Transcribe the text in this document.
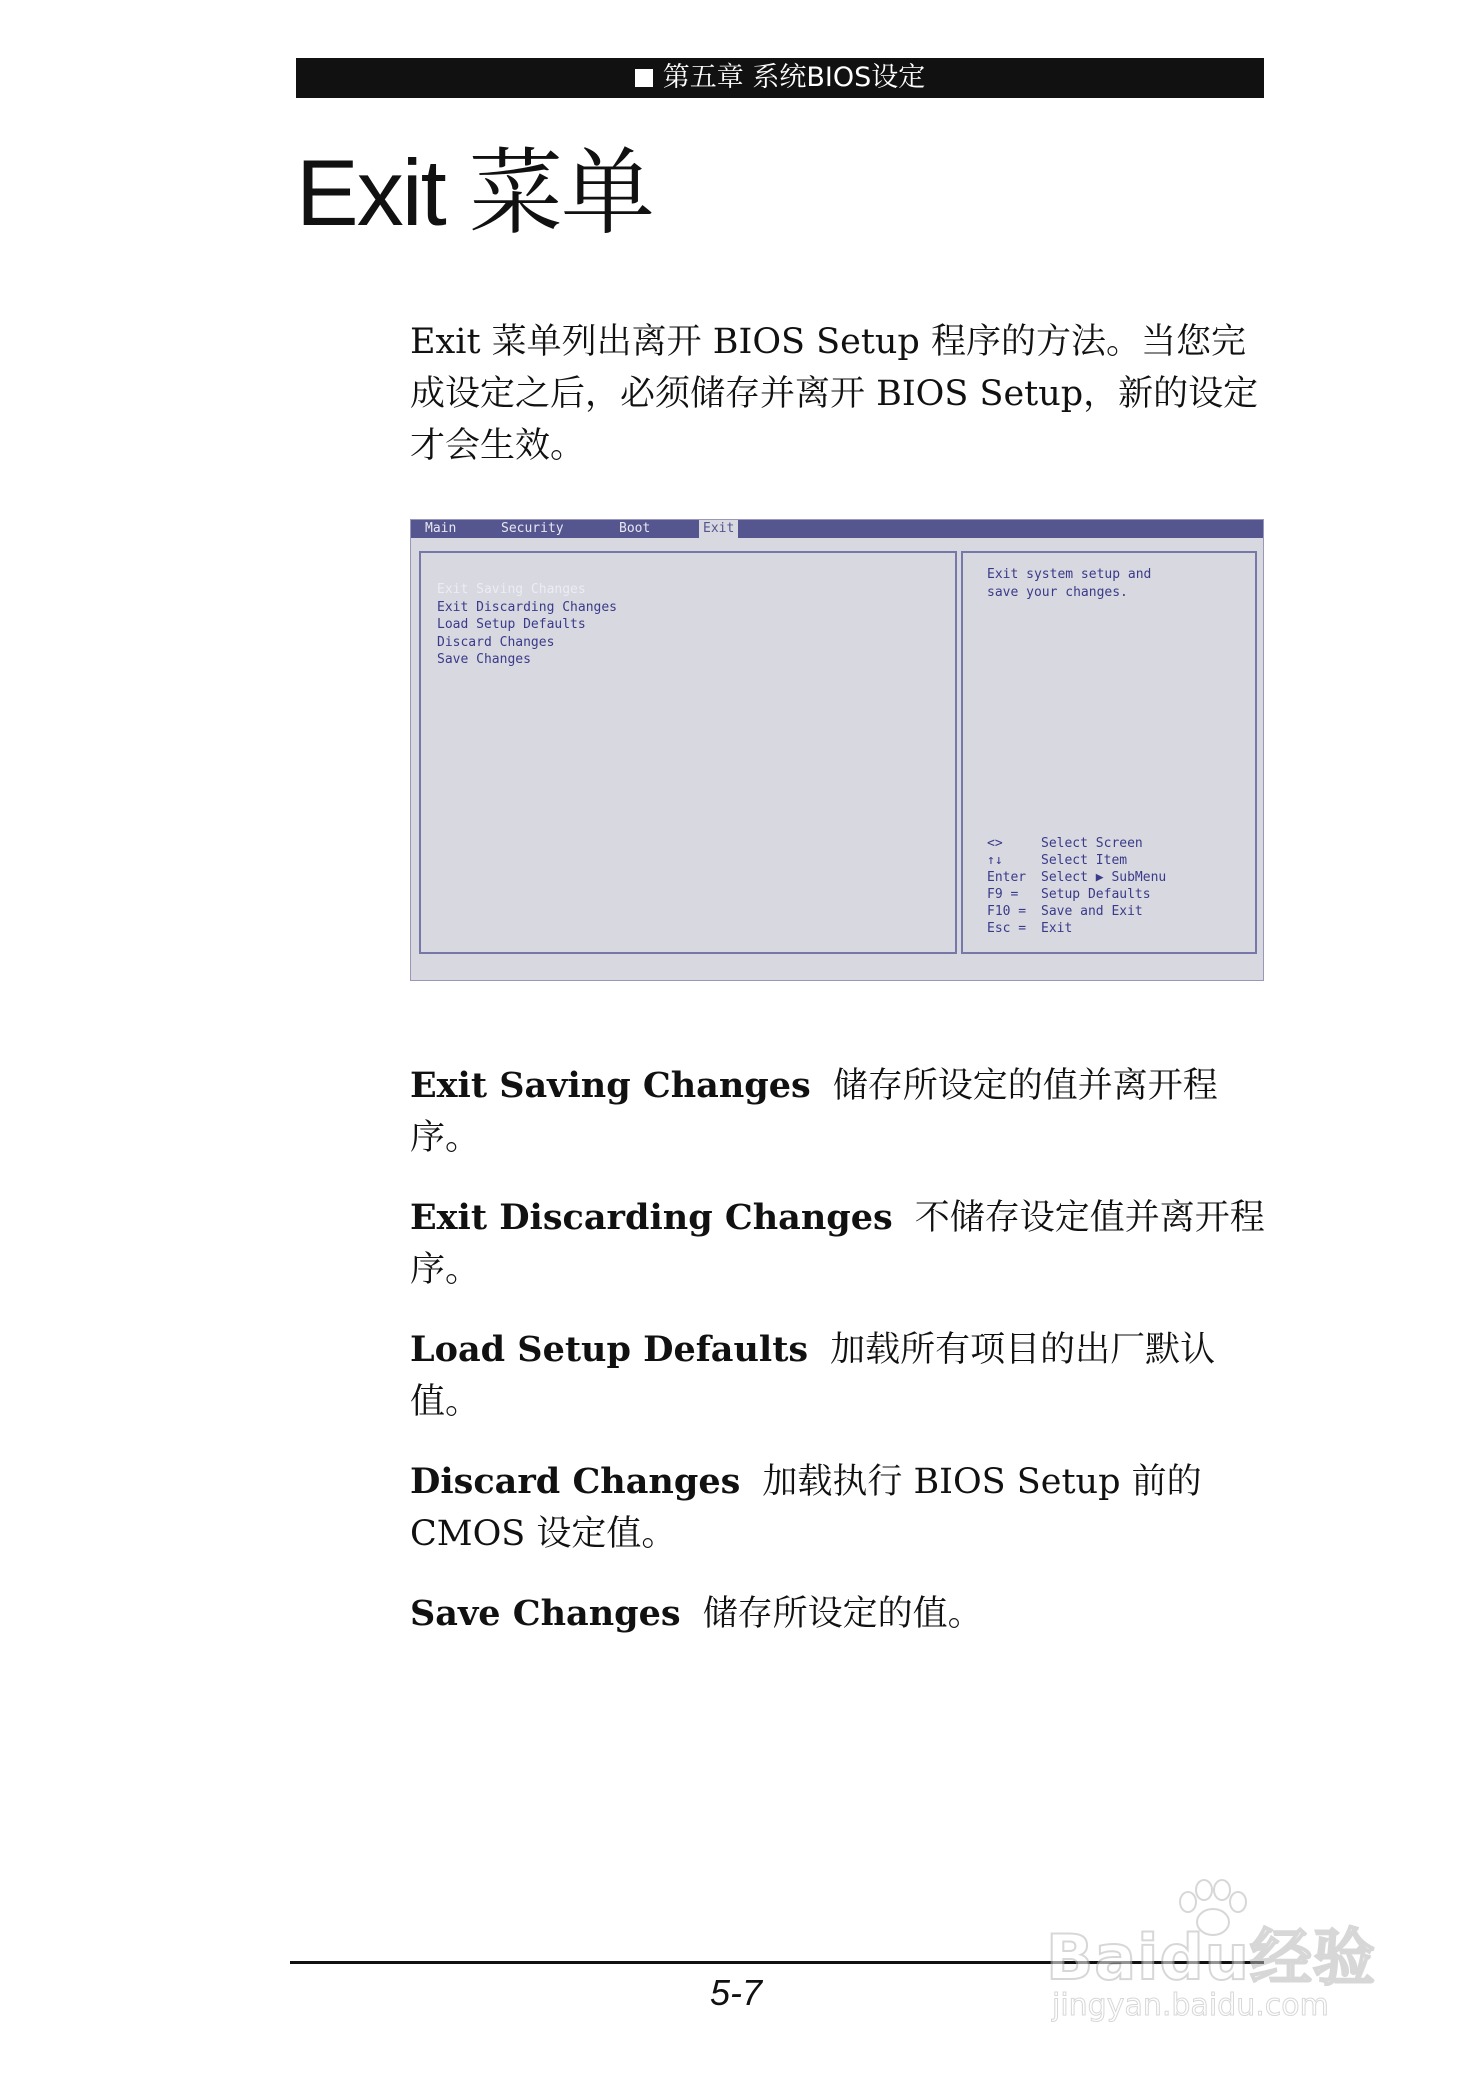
第五章 系统BIOS设定
Exit 菜单

Exit 菜单列出离开 BIOS Setup 程序的方法。当您完成设定之后，必须储存并离开 BIOS Setup，新的设定才会生效。

Main	Security	Boot	Exit
Exit Saving Changes
Exit Discarding Changes
Load Setup Defaults
Discard Changes
Save Changes
Exit system setup and
save your changes.
<>	Select Screen
↑↓	Select Item
Enter Select ▶ SubMenu
F9 = Setup Defaults
F10 = Save and Exit
Esc = Exit

Exit Saving Changes 储存所设定的值并离开程序。

Exit Discarding Changes 不储存设定值并离开程序。

Load Setup Defaults 加载所有项目的出厂默认值。

Discard Changes 加载执行 BIOS Setup 前的 CMOS 设定值。

Save Changes 储存所设定的值。

5-7	Baidu经验
jingyan.baidu.com
